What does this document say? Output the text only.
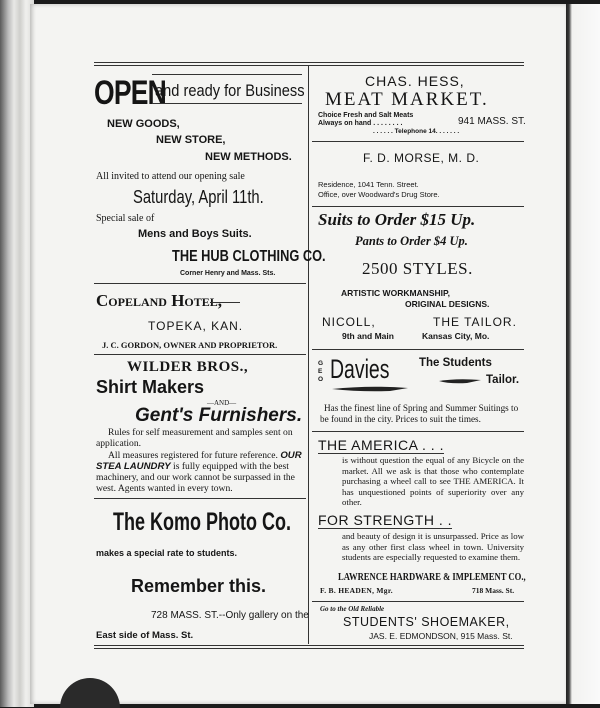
OPEN
and ready for Business
NEW GOODS,
NEW STORE,
NEW METHODS.
All invited to attend our opening sale
Saturday, April 11th.
Special sale of
Mens and Boys Suits.
THE HUB CLOTHING CO.
Corner Henry and Mass. Sts.
Copeland Hotel,
TOPEKA, KAN.
J. C. GORDON, OWNER AND PROPRIETOR.
WILDER BROS.,
Shirt Makers
—AND—
Gent's Furnishers.
Rules for self measurement and samples sent on application.
All measures registered for future reference. OUR STEA LAUNDRY is fully equipped with the best machinery, and our work cannot be surpassed in the west. Agents wanted in every town.
The Komo Photo Co.
makes a special rate to students.
Remember this.
728 MASS. ST.--Only gallery on the
East side of Mass. St.
CHAS. HESS,
MEAT MARKET.
Choice Fresh and Salt Meats
Always on hand . . . . . . . .	941 MASS. ST.
. . . . . . Telephone 14. . . . . . .
F. D. MORSE, M. D.
Residence, 1041 Tenn. Street.
Office, over Woodward's Drug Store.
Suits to Order $15 Up.
Pants to Order $4 Up.
2500 STYLES.
ARTISTIC WORKMANSHIP,
ORIGINAL DESIGNS.
NICOLL,	THE TAILOR.
9th and Main	Kansas City, Mo.
GEO Davies	The Students
Tailor.
Has the finest line of Spring and Summer Suitings to be found in the city. Prices to suit the times.
THE AMERICA . . .
is without question the equal of any Bicycle on the market. All we ask is that those who contemplate purchasing a wheel call to see THE AMERICA. It has unquestioned points of superiority over any other.
FOR STRENGTH . .
and beauty of design it is unsurpassed. Price as low as any other first class wheel in town. University students are especially requested to examine them.
LAWRENCE HARDWARE & IMPLEMENT CO.,
F. B. HEADEN, Mgr.	718 Mass. St.
Go to the Old Reliable
STUDENTS' SHOEMAKER,
JAS. E. EDMONDSON, 915 Mass. St.
